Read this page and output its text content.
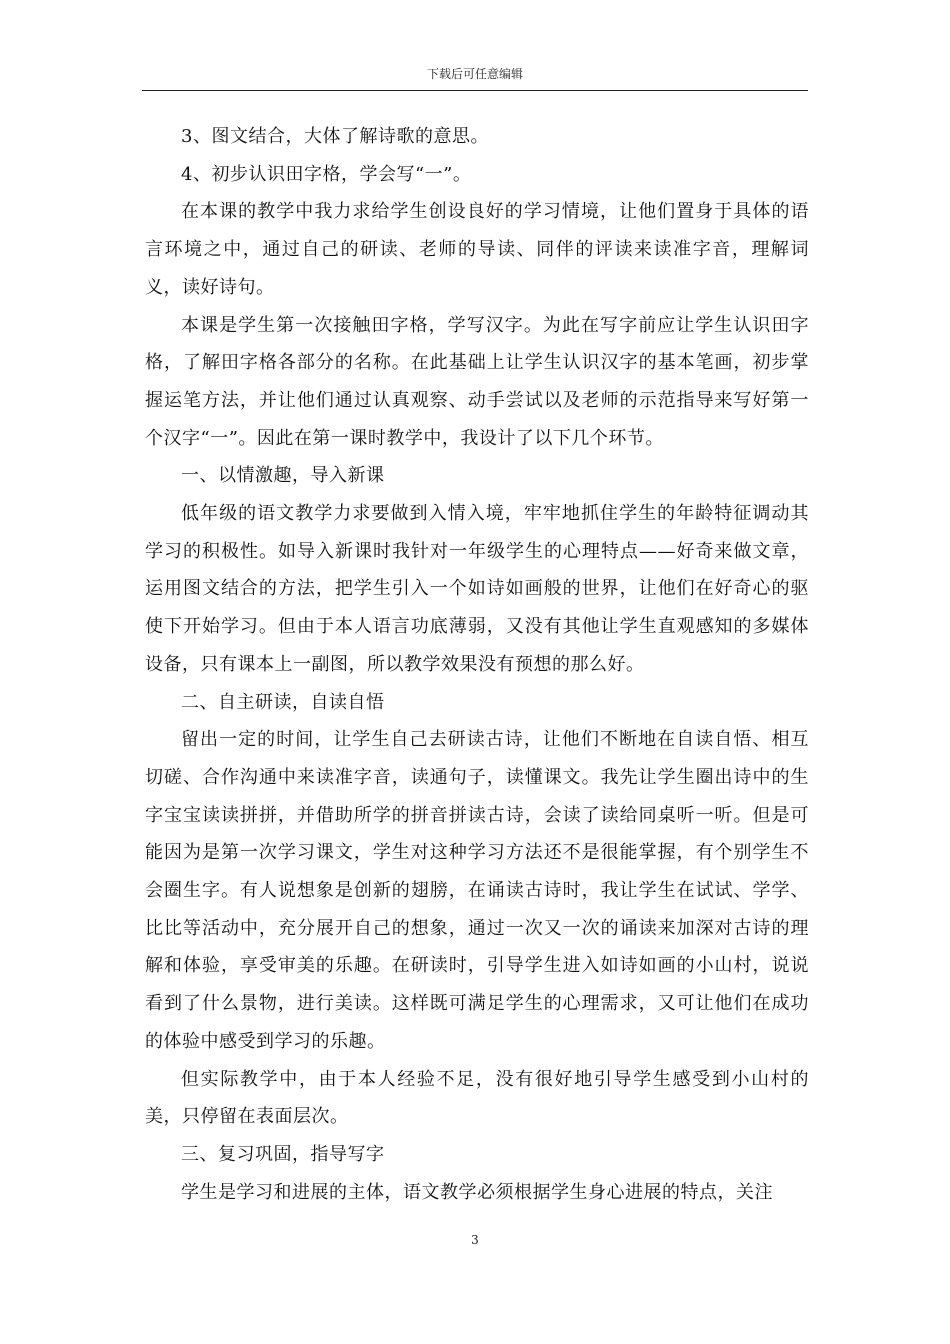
下载后可任意编辑

3、图文结合，大体了解诗歌的意思。

4、初步认识田字格，学会写“一”。

在本课的教学中我力求给学生创设良好的学习情境，让他们置身于具体的语言环境之中，通过自己的研读、老师的导读、同伴的评读来读准字音，理解词义，读好诗句。

本课是学生第一次接触田字格，学写汉字。为此在写字前应让学生认识田字格，了解田字格各部分的名称。在此基础上让学生认识汉字的基本笔画，初步掌握运笔方法，并让他们通过认真观察、动手尝试以及老师的示范指导来写好第一个汉字“一”。因此在第一课时教学中，我设计了以下几个环节。

一、以情激趣，导入新课

低年级的语文教学力求要做到入情入境，牢牢地抓住学生的年龄特征调动其学习的积极性。如导入新课时我针对一年级学生的心理特点——好奇来做文章，运用图文结合的方法，把学生引入一个如诗如画般的世界，让他们在好奇心的驱使下开始学习。但由于本人语言功底薄弱，又没有其他让学生直观感知的多媒体设备，只有课本上一副图，所以教学效果没有预想的那么好。

二、自主研读，自读自悟

留出一定的时间，让学生自己去研读古诗，让他们不断地在自读自悟、相互切磋、合作沟通中来读准字音，读通句子，读懂课文。我先让学生圈出诗中的生字宝宝读读拼拼，并借助所学的拼音拼读古诗，会读了读给同桌听一听。但是可能因为是第一次学习课文，学生对这种学习方法还不是很能掌握，有个别学生不会圈生字。有人说想象是创新的翅膀，在诵读古诗时，我让学生在试试、学学、比比等活动中，充分展开自己的想象，通过一次又一次的诵读来加深对古诗的理解和体验，享受审美的乐趣。在研读时，引导学生进入如诗如画的小山村，说说看到了什么景物，进行美读。这样既可满足学生的心理需求，又可让他们在成功的体验中感受到学习的乐趣。

但实际教学中，由于本人经验不足，没有很好地引导学生感受到小山村的美，只停留在表面层次。

三、复习巩固，指导写字

学生是学习和进展的主体，语文教学必须根据学生身心进展的特点，关注

3
